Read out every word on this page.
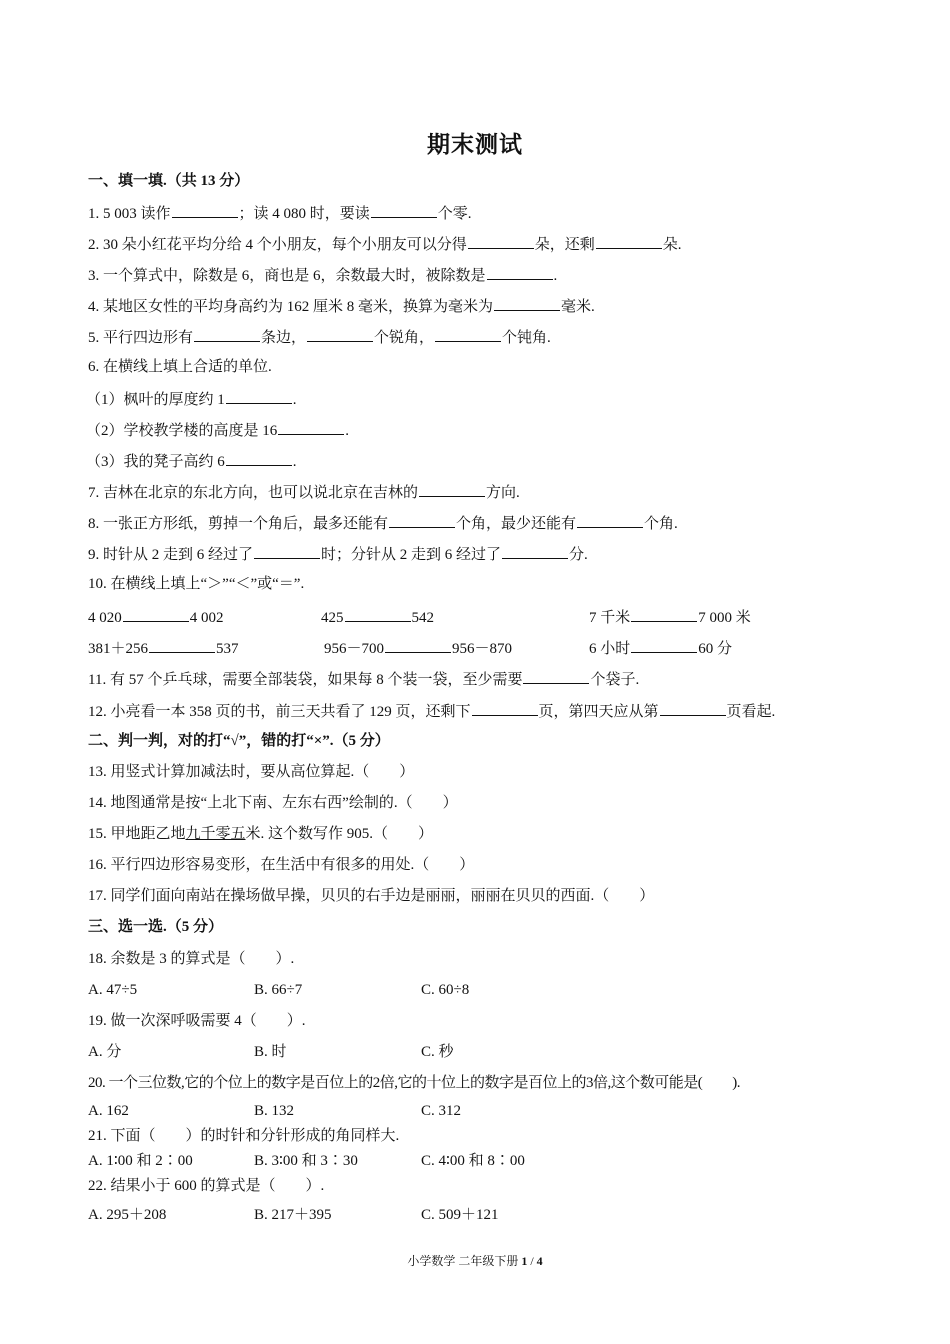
期末测试
一、填一填.（共 13 分）
1. 5 003 读作	；读 4 080 时，要读	个零.
2. 30 朵小红花平均分给 4 个小朋友，每个小朋友可以分得	朵，还剩	朵.
3. 一个算式中，除数是 6，商也是 6，余数最大时，被除数是	.
4. 某地区女性的平均身高约为 162 厘米 8 毫米，换算为毫米为	毫米.
5. 平行四边形有	条边，	个锐角，	个钝角.
6. 在横线上填上合适的单位.
（1）枫叶的厚度约 1	.
（2）学校教学楼的高度是 16	.
（3）我的凳子高约 6	.
7. 吉林在北京的东北方向，也可以说北京在吉林的	方向.
8. 一张正方形纸，剪掉一个角后，最多还能有	个角，最少还能有	个角.
9. 时针从 2 走到 6 经过了	时；分针从 2 走到 6 经过了	分.
10. 在横线上填上“＞”“＜”或“＝”.
4 020	4 002	425	542	7 千米	7 000 米
381＋256	537	956－700	956－870	6 小时	60 分
11. 有 57 个乒乓球，需要全部装袋，如果每 8 个装一袋，至少需要	个袋子.
12. 小亮看一本 358 页的书，前三天共看了 129 页，还剩下	页，第四天应从第	页看起.
二、判一判，对的打“√”，错的打“×”.（5 分）
13. 用竖式计算加减法时，要从高位算起.（ ）
14. 地图通常是按“上北下南、左东右西”绘制的.（ ）
15. 甲地距乙地九千零五米. 这个数写作 905.（ ）
16. 平行四边形容易变形，在生活中有很多的用处.（ ）
17. 同学们面向南站在操场做早操，贝贝的右手边是丽丽，丽丽在贝贝的西面.（ ）
三、选一选.（5 分）
18. 余数是 3 的算式是（ ）.
A. 47÷5	B. 66÷7	C. 60÷8
19. 做一次深呼吸需要 4（ ）.
A. 分	B. 时	C. 秒
20. 一个三位数,它的个位上的数字是百位上的2倍,它的十位上的数字是百位上的3倍,这个数可能是( ).
A. 162	B. 132	C. 312
21. 下面（ ）的时针和分针形成的角同样大.
A. 1∶00 和 2∶00	B. 3∶00 和 3∶30	C. 4∶00 和 8∶00
22. 结果小于 600 的算式是（ ）.
A. 295＋208	B. 217＋395	C. 509＋121
小学数学 二年级下册 1 / 4
